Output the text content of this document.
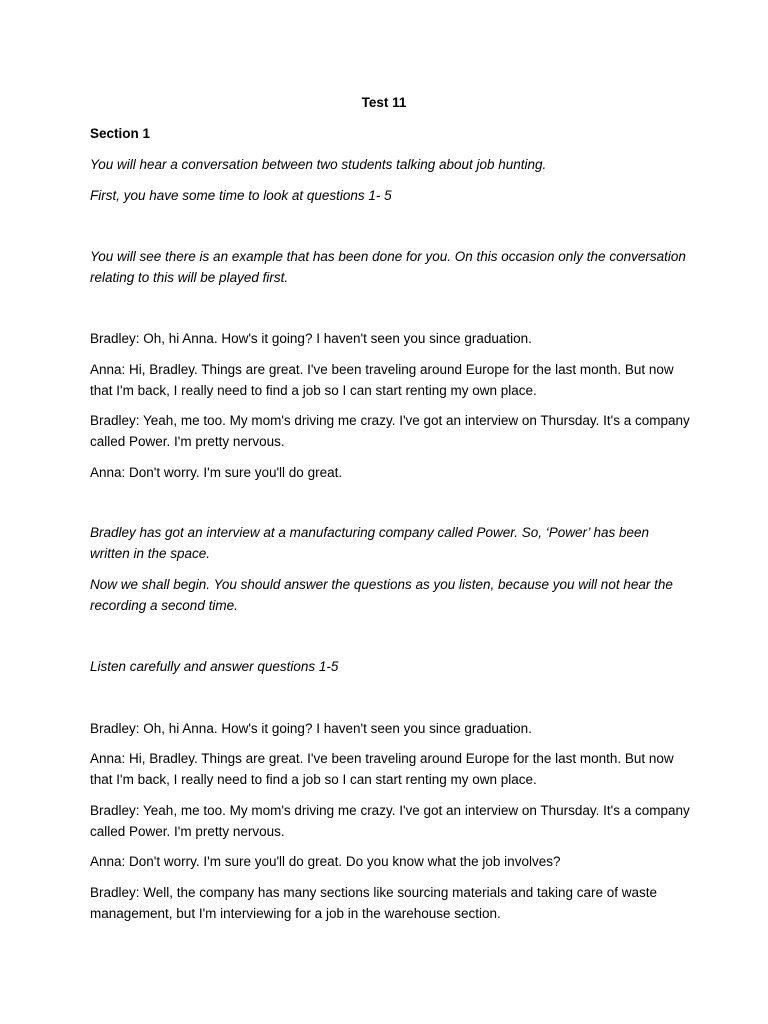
Test 11
Section 1
You will hear a conversation between two students talking about job hunting.
First, you have some time to look at questions 1- 5
You will see there is an example that has been done for you. On this occasion only the conversation relating to this will be played first.
Bradley: Oh, hi Anna. How's it going? I haven't seen you since graduation.
Anna: Hi, Bradley. Things are great. I've been traveling around Europe for the last month. But now that I'm back, I really need to find a job so I can start renting my own place.
Bradley: Yeah, me too. My mom's driving me crazy. I've got an interview on Thursday. It's a company called Power. I'm pretty nervous.
Anna: Don't worry. I'm sure you'll do great.
Bradley has got an interview at a manufacturing company called Power. So, ‘Power’ has been written in the space.
Now we shall begin. You should answer the questions as you listen, because you will not hear the recording a second time.
Listen carefully and answer questions 1-5
Bradley: Oh, hi Anna. How's it going? I haven't seen you since graduation.
Anna: Hi, Bradley. Things are great. I've been traveling around Europe for the last month. But now that I'm back, I really need to find a job so I can start renting my own place.
Bradley: Yeah, me too. My mom's driving me crazy. I've got an interview on Thursday. It's a company called Power. I'm pretty nervous.
Anna: Don't worry. I'm sure you'll do great. Do you know what the job involves?
Bradley: Well, the company has many sections like sourcing materials and taking care of waste management, but I'm interviewing for a job in the warehouse section.
